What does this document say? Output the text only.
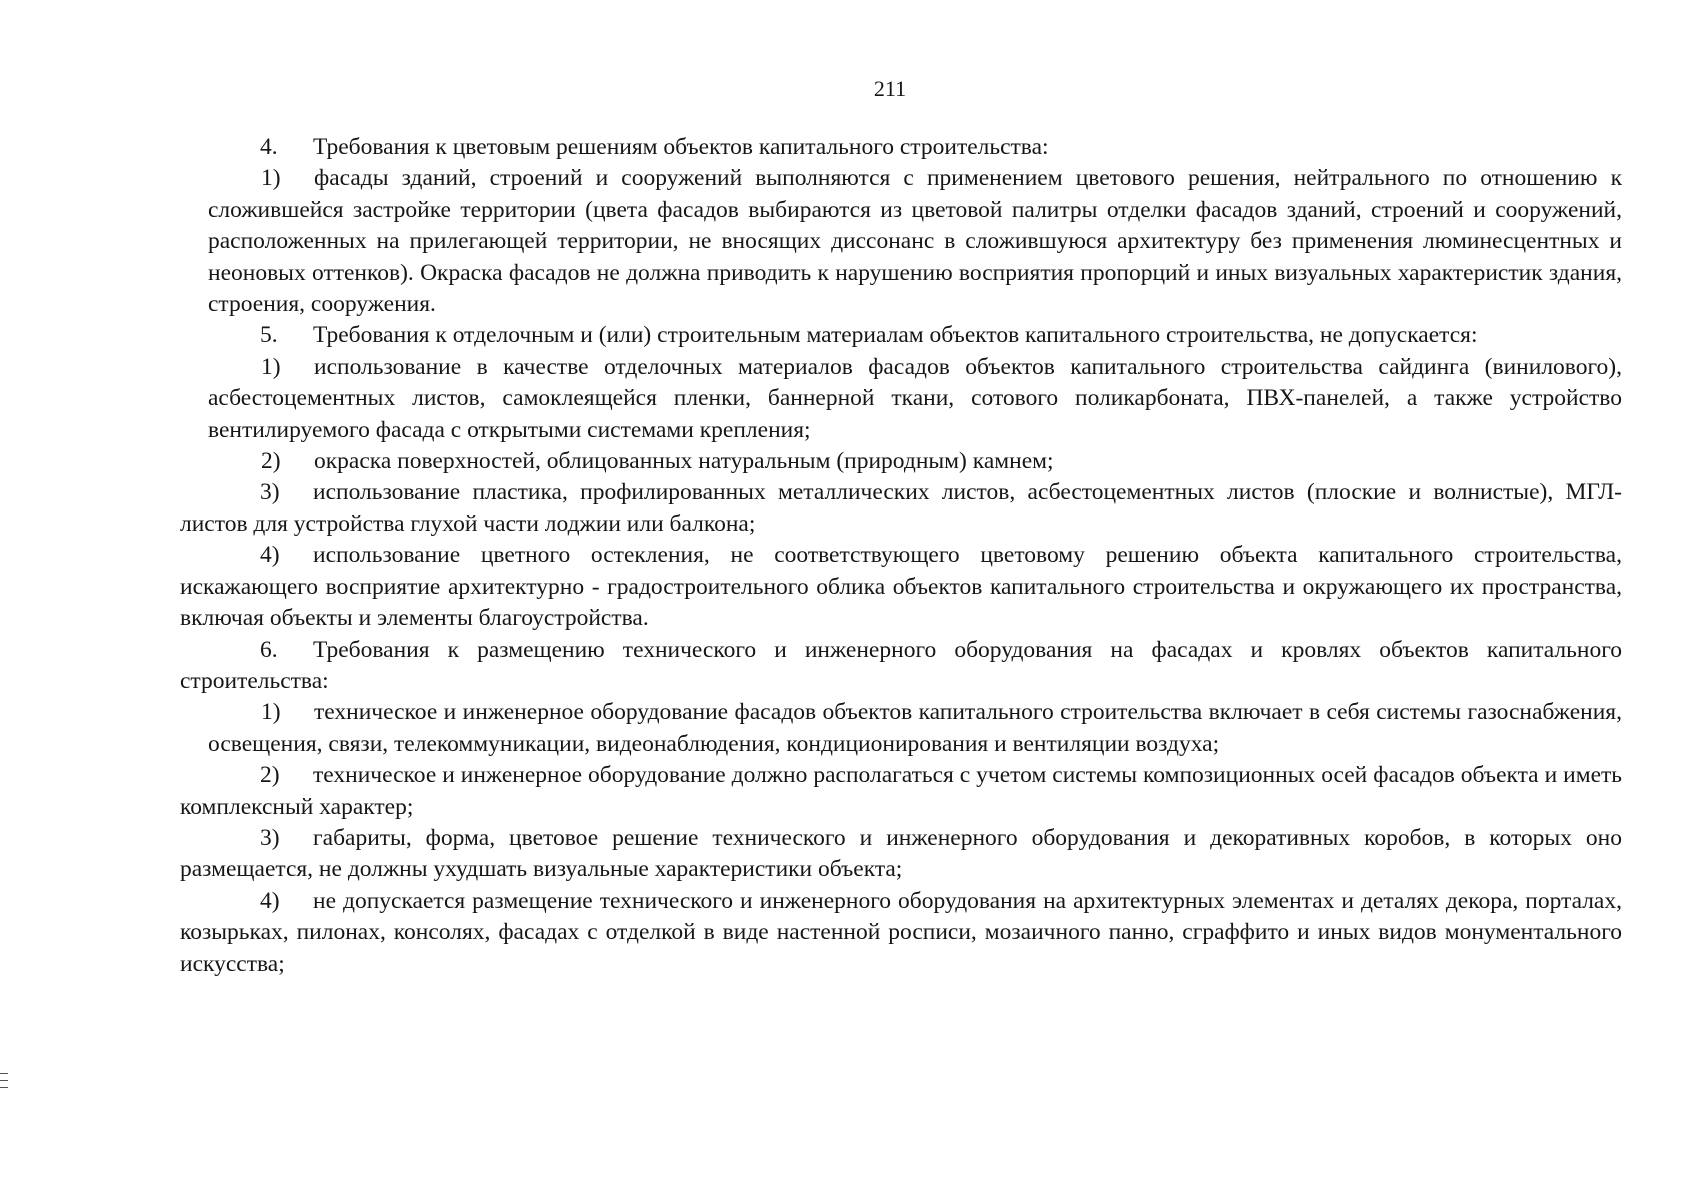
211

4. Требования к цветовым решениям объектов капитального строительства:

1) фасады зданий, строений и сооружений выполняются с применением цветового решения, нейтрального по отношению к сложившейся застройке территории (цвета фасадов выбираются из цветовой палитры отделки фасадов зданий, строений и сооружений, расположенных на прилегающей территории, не вносящих диссонанс в сложившуюся архитектуру без применения люминесцентных и неоновых оттенков). Окраска фасадов не должна приводить к нарушению восприятия пропорций и иных визуальных характеристик здания, строения, сооружения.

5. Требования к отделочным и (или) строительным материалам объектов капитального строительства, не допускается:

1) использование в качестве отделочных материалов фасадов объектов капитального строительства сайдинга (винилового), асбестоцементных листов, самоклеящейся пленки, баннерной ткани, сотового поликарбоната, ПВХ-панелей, а также устройство вентилируемого фасада с открытыми системами крепления;

2) окраска поверхностей, облицованных натуральным (природным) камнем;

3) использование пластика, профилированных металлических листов, асбестоцементных листов (плоские и волнистые), МГЛ-листов для устройства глухой части лоджии или балкона;

4) использование цветного остекления, не соответствующего цветовому решению объекта капитального строительства, искажающего восприятие архитектурно - градостроительного облика объектов капитального строительства и окружающего их пространства, включая объекты и элементы благоустройства.

6. Требования к размещению технического и инженерного оборудования на фасадах и кровлях объектов капитального строительства:

1) техническое и инженерное оборудование фасадов объектов капитального строительства включает в себя системы газоснабжения, освещения, связи, телекоммуникации, видеонаблюдения, кондиционирования и вентиляции воздуха;

2) техническое и инженерное оборудование должно располагаться с учетом системы композиционных осей фасадов объекта и иметь комплексный характер;

3) габариты, форма, цветовое решение технического и инженерного оборудования и декоративных коробов, в которых оно размещается, не должны ухудшать визуальные характеристики объекта;

4) не допускается размещение технического и инженерного оборудования на архитектурных элементах и деталях декора, порталах, козырьках, пилонах, консолях, фасадах с отделкой в виде настенной росписи, мозаичного панно, сграффито и иных видов монументального искусства;
